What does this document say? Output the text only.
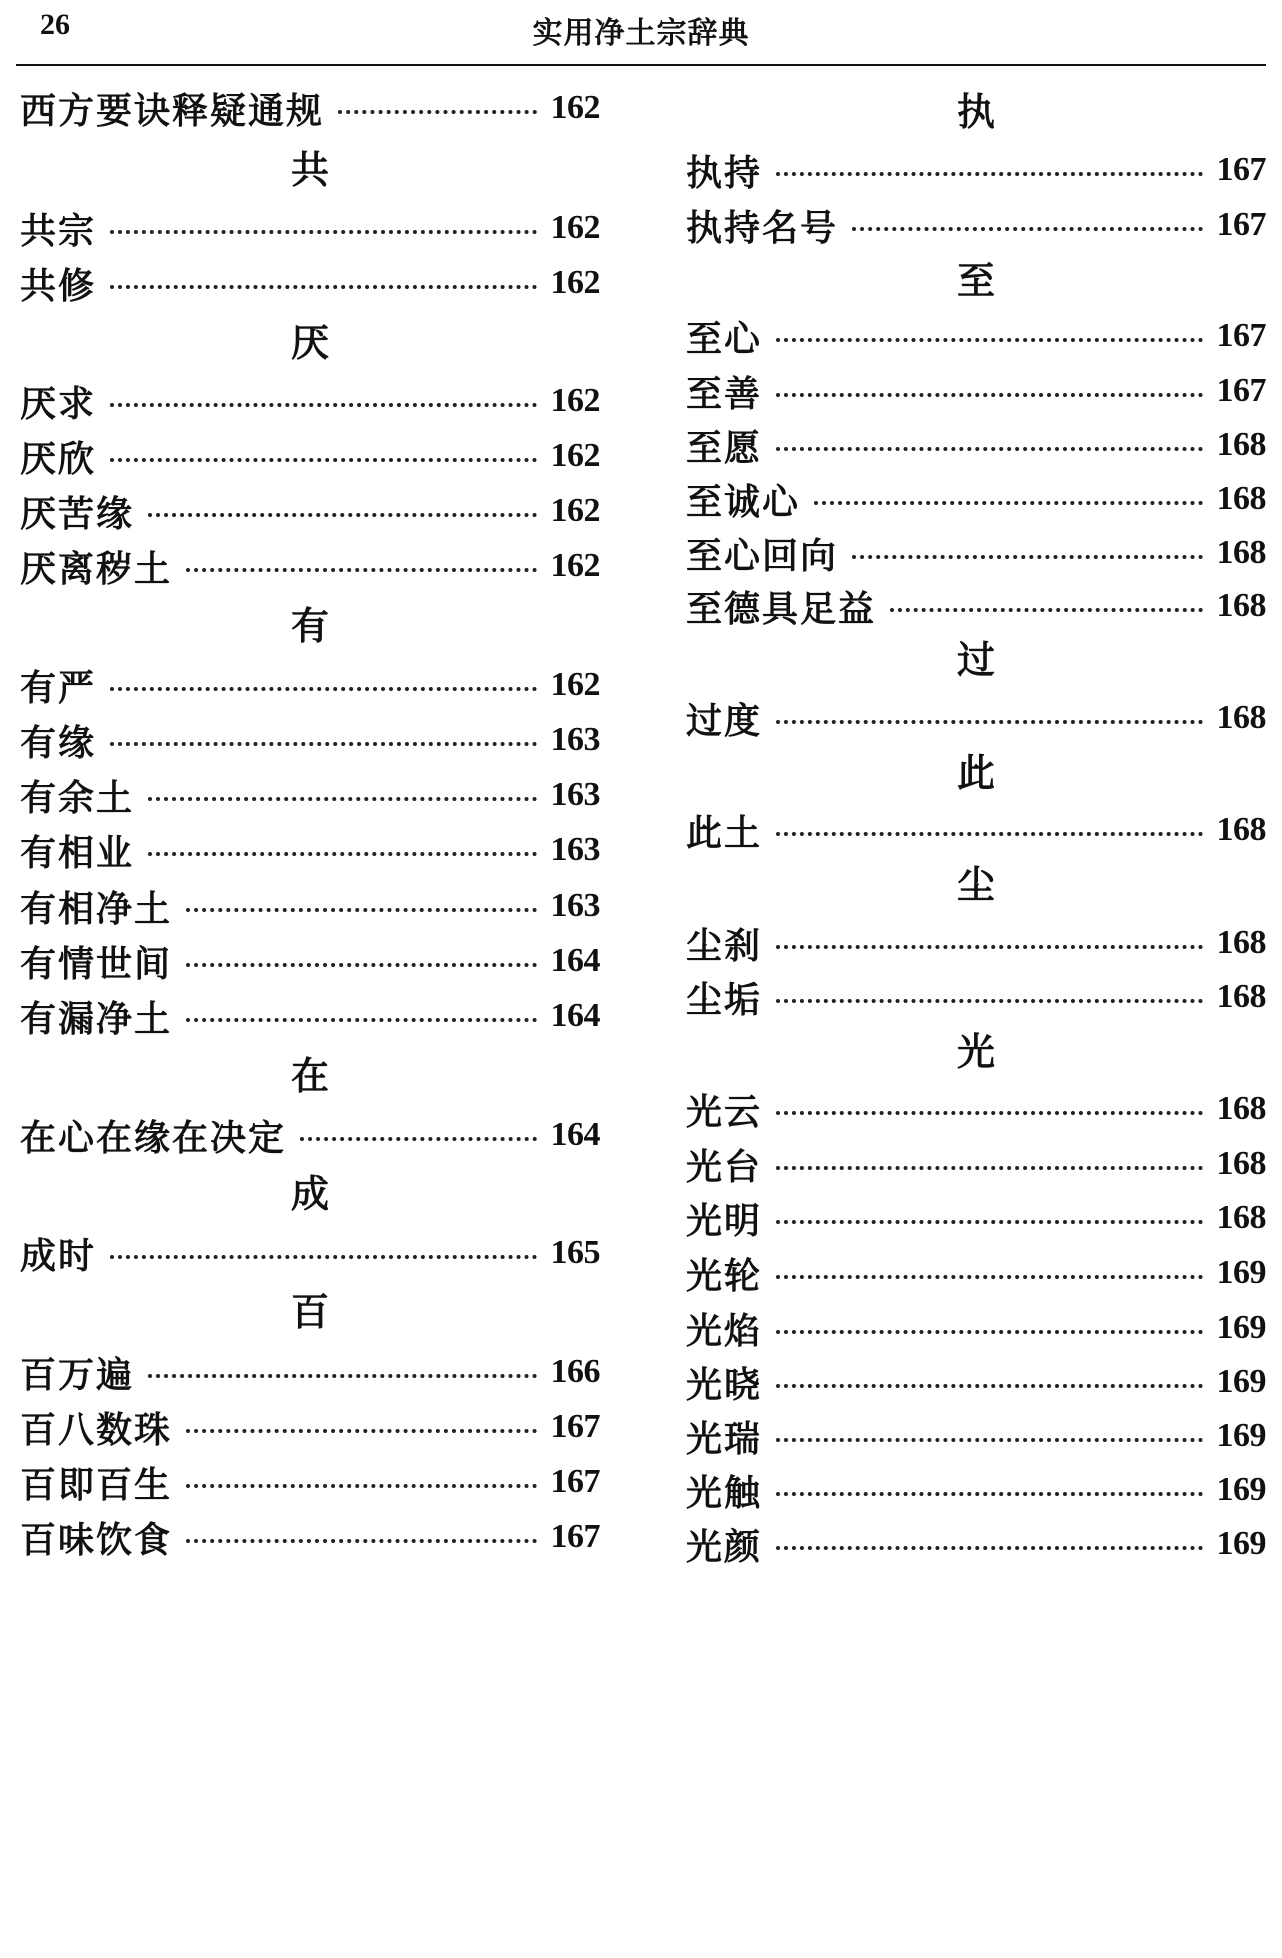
26	实用净土宗辞典
西方要诀释疑通规	162
共
共宗	162
共修	162
厌
厌求	162
厌欣	162
厌苦缘	162
厌离秽土	162
有
有严	162
有缘	163
有余土	163
有相业	163
有相净土	163
有情世间	164
有漏净土	164
在
在心在缘在决定	164
成
成时	165
百
百万遍	166
百八数珠	167
百即百生	167
百味饮食	167
执
执持	167
执持名号	167
至
至心	167
至善	167
至愿	168
至诚心	168
至心回向	168
至德具足益	168
过
过度	168
此
此土	168
尘
尘刹	168
尘垢	168
光
光云	168
光台	168
光明	168
光轮	169
光焰	169
光晓	169
光瑞	169
光触	169
光颜	169
